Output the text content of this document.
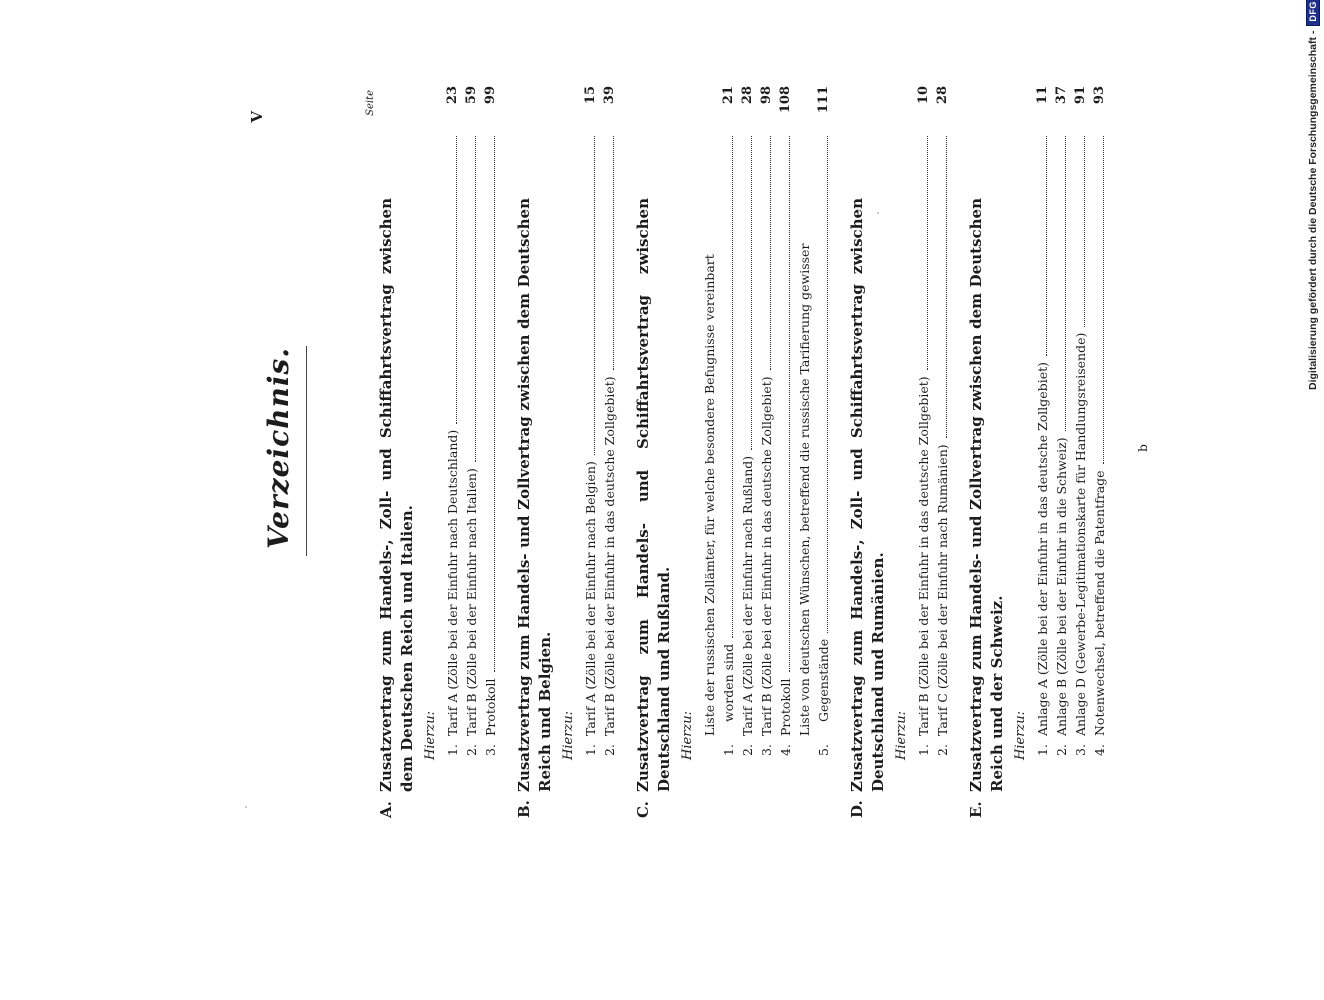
V
Verzeichnis.
Seite
A.
Zusatzvertrag zum Handels-, Zoll- und Schiffahrtsvertrag zwischen dem Deutschen Reich und Italien. Hierzu: 1.
Tarif A (Zölle bei der Einfuhr nach Deutschland)
23
2.
Tarif B (Zölle bei der Einfuhr nach Italien)
59
3.
Protokoll
99
B.
Zusatzvertrag zum Handels- und Zollvertrag zwischen dem Deutschen Reich und Belgien. Hierzu: 1.
Tarif A (Zölle bei der Einfuhr nach Belgien)
15
2.
Tarif B (Zölle bei der Einfuhr in das deutsche Zollgebiet)
39
C.
Zusatzvertrag zum Handels- und Schiffahrtsvertrag zwischen Deutschland und Rußland. Hierzu: 1.
Liste der russischen Zollämter, für welche besondere Befugnisse vereinbart worden sind
21
2.
Tarif A (Zölle bei der Einfuhr nach Rußland)
28
3.
Tarif B (Zölle bei der Einfuhr in das deutsche Zollgebiet)
98
4.
Protokoll
108
5.
Liste von deutschen Wünschen, betreffend die russische Tarifierung gewisser Gegenstände
111
D.
Zusatzvertrag zum Handels-, Zoll- und Schiffahrtsvertrag zwischen Deutschland und Rumänien. Hierzu: 1.
Tarif B (Zölle bei der Einfuhr in das deutsche Zollgebiet)
10
2.
Tarif C (Zölle bei der Einfuhr nach Rumänien)
28
E.
Zusatzvertrag zum Handels- und Zollvertrag zwischen dem Deutschen Reich und der Schweiz. Hierzu: 1.
Anlage A (Zölle bei der Einfuhr in das deutsche Zollgebiet)
11
2.
Anlage B (Zölle bei der Einfuhr in die Schweiz)
37
3.
Anlage D (Gewerbe-Legitimationskarte für Handlungsreisende)
91
4.
Notenwechsel, betreffend die Patentfrage
93
b
Digitalisierung gefördert durch die Deutsche Forschungsgemeinschaft -
DFG
